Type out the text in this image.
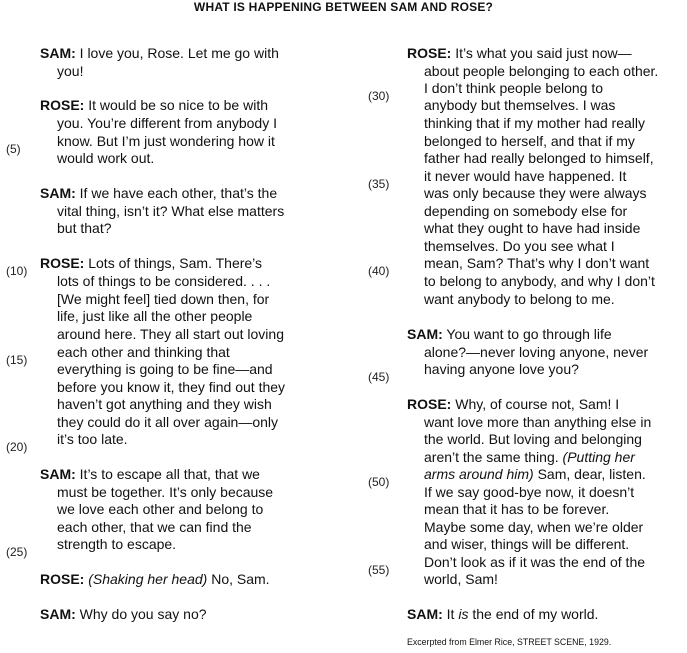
WHAT IS HAPPENING BETWEEN SAM AND ROSE?
SAM: I love you, Rose. Let me go with
you!
ROSE: It would be so nice to be with
you. You’re different from anybody I
(5)	know. But I’m just wondering how it
would work out.
SAM: If we have each other, that’s the
vital thing, isn’t it? What else matters
but that?
(10) ROSE: Lots of things, Sam. There’s
lots of things to be considered. . . .
[We might feel] tied down then, for
life, just like all the other people
around here. They all start out loving
(15) each other and thinking that
everything is going to be fine—and
before you know it, they find out they
haven’t got anything and they wish
they could do it all over again—only
(20) it’s too late.
SAM: It’s to escape all that, that we
must be together. It’s only because
we love each other and belong to
each other, that we can find the
(25) strength to escape.
ROSE: (Shaking her head) No, Sam.
SAM: Why do you say no?
ROSE: It’s what you said just now—
about people belonging to each other.
(30) I don’t think people belong to
anybody but themselves. I was
thinking that if my mother had really
belonged to herself, and that if my
father had really belonged to himself,
(35) it never would have happened. It
was only because they were always
depending on somebody else for
what they ought to have had inside
themselves. Do you see what I
(40) mean, Sam? That’s why I don’t want
to belong to anybody, and why I don’t
want anybody to belong to me.
SAM: You want to go through life
alone?—never loving anyone, never
(45) having anyone love you?
ROSE: Why, of course not, Sam! I
want love more than anything else in
the world. But loving and belonging
aren’t the same thing. (Putting her
(50) arms around him) Sam, dear, listen.
If we say good-bye now, it doesn’t
mean that it has to be forever.
Maybe some day, when we’re older
and wiser, things will be different.
(55) Don’t look as if it was the end of the
world, Sam!
SAM: It is the end of my world.
Excerpted from Elmer Rice, STREET SCENE, 1929.
